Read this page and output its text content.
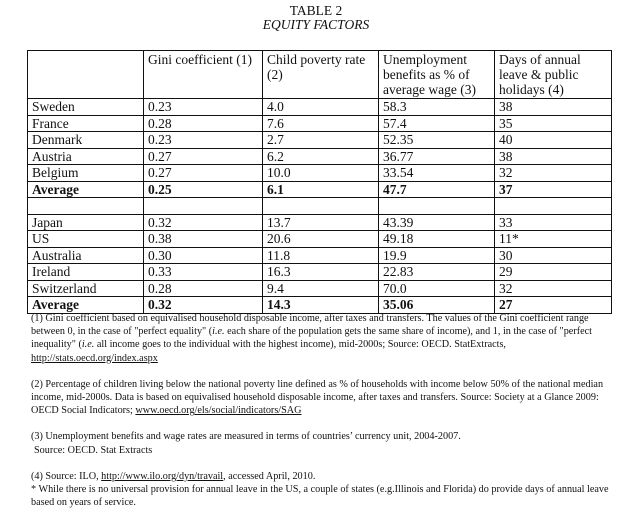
TABLE 2
EQUITY FACTORS
	Gini coefficient (1)	Child poverty rate (2)	Unemployment benefits as % of average wage (3)	Days of annual leave & public holidays (4)
Sweden	0.23	4.0	58.3	38
France	0.28	7.6	57.4	35
Denmark	0.23	2.7	52.35	40
Austria	0.27	6.2	36.77	38
Belgium	0.27	10.0	33.54	32
Average	0.25	6.1	47.7	37

Japan	0.32	13.7	43.39	33
US	0.38	20.6	49.18	11*
Australia	0.30	11.8	19.9	30
Ireland	0.33	16.3	22.83	29
Switzerland	0.28	9.4	70.0	32
Average	0.32	14.3	35.06	27

(1) Gini coefficient based on equivalised household disposable income, after taxes and transfers. The values of the Gini coefficient range between 0, in the case of "perfect equality" (i.e. each share of the population gets the same share of income), and 1, in the case of "perfect inequality" (i.e. all income goes to the individual with the highest income), mid-2000s; Source: OECD. StatExtracts, http://stats.oecd.org/index.aspx

(2) Percentage of children living below the national poverty line defined as % of households with income below 50% of the national median income, mid-2000s. Data is based on equivalised household disposable income, after taxes and transfers. Source: Society at a Glance 2009: OECD Social Indicators; www.oecd.org/els/social/indicators/SAG

(3) Unemployment benefits and wage rates are measured in terms of countries’ currency unit, 2004-2007.
Source: OECD. Stat Extracts

(4) Source: ILO, http://www.ilo.org/dyn/travail, accessed April, 2010.
* While there is no universal provision for annual leave in the US, a couple of states (e.g.Illinois and Florida) do provide days of annual leave based on years of service.
